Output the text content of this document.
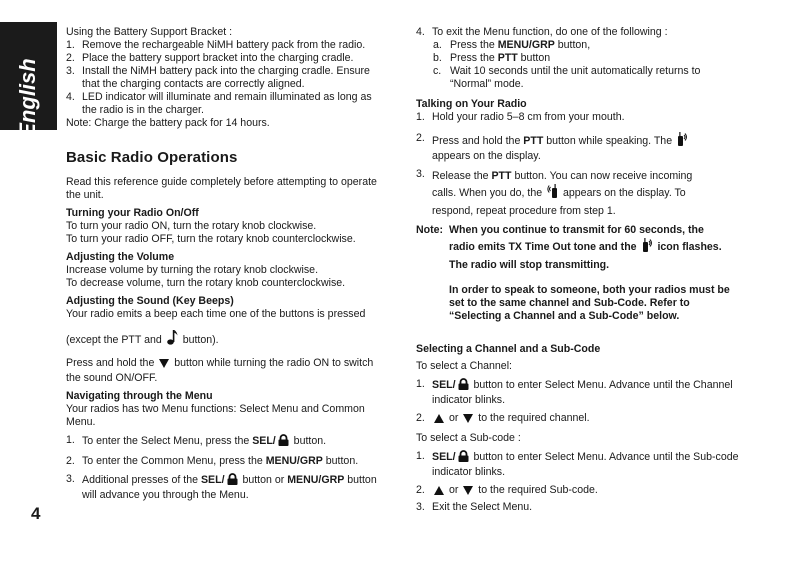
English
4

Using the Battery Support Bracket :

1. Remove the rechargeable NiMH battery pack from the radio.
2. Place the battery support bracket into the charging cradle.
3. Install the NiMH battery pack into the charging cradle. Ensure that the charging contacts are correctly aligned.
4. LED indicator will illuminate and remain illuminated as long as the radio is in the charger.

Note: Charge the battery pack for 14 hours.

Basic Radio Operations

Read this reference guide completely before attempting to operate the unit.

Turning your Radio On/Off

To turn your radio ON, turn the rotary knob clockwise.

To turn your radio OFF, turn the rotary knob counterclockwise.

Adjusting the Volume

Increase volume by turning the rotary knob clockwise.

To decrease volume, turn the rotary knob counterclockwise.

Adjusting the Sound (Key Beeps)

Your radio emits a beep each time one of the buttons is pressed

(except the PTT and button).

Press and hold the button while turning the radio ON to switch the sound ON/OFF.

Navigating through the Menu

Your radios has two Menu functions: Select Menu and Common Menu.

1. To enter the Select Menu, press the SEL/ button.
2. To enter the Common Menu, press the MENU/GRP button.
3. Additional presses of the SEL/ button or MENU/GRP button will advance you through the Menu.
4. To exit the Menu function, do one of the following :
a. Press the MENU/GRP button,
b. Press the PTT button
c. Wait 10 seconds until the unit automatically returns to “Normal” mode.

Talking on Your Radio

1. Hold your radio 5–8 cm from your mouth.
2. Press and hold the PTT button while speaking. The
appears on the display.
3. Release the PTT button. You can now receive incoming
calls. When you do, the  appears on the display. To
respond, repeat procedure from step 1.
Note: When you continue to transmit for 60 seconds, the
radio emits TX Time Out tone and the  icon flashes.
The radio will stop transmitting.
In order to speak to someone, both your radios must be set to the same channel and Sub-Code. Refer to “Selecting a Channel and a Sub-Code” below.

Selecting a Channel and a Sub-Code

To select a Channel:

1. SEL/ button to enter Select Menu. Advance until the Channel indicator blinks.
2.	or  to the required channel.

To select a Sub-code :

1. SEL/ button to enter Select Menu. Advance until the Sub-code indicator blinks.
2.	or  to the required Sub-code.
3. Exit the Select Menu.
